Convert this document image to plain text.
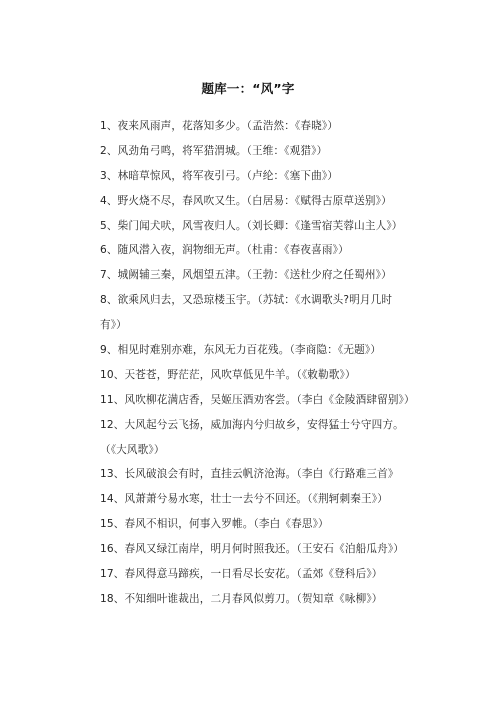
题库一：“风”字
1、夜来风雨声，花落知多少。（孟浩然：《春晓》）
2、风劲角弓鸣，将军猎渭城。（王维：《观猎》）
3、林暗草惊风，将军夜引弓。（卢纶：《塞下曲》）
4、野火烧不尽，春风吹又生。（白居易：《赋得古原草送别》）
5、柴门闻犬吠，风雪夜归人。（刘长卿：《逢雪宿芙蓉山主人》）
6、随风潜入夜，润物细无声。（杜甫：《春夜喜雨》）
7、城阙辅三秦，风烟望五津。（王勃：《送杜少府之任蜀州》）
8、欲乘风归去，又恐琼楼玉宇。（苏轼：《水调歌头?明月几时
有》）
9、相见时难别亦难，东风无力百花残。（李商隐：《无题》）
10、天苍苍，野茫茫，风吹草低见牛羊。（《敕勒歌》）
11、风吹柳花满店香，吴姬压酒劝客尝。（李白《金陵酒肆留别》）
12、大风起兮云飞扬，威加海内兮归故乡，安得猛士兮守四方。
（《大风歌》）
13、长风破浪会有时，直挂云帆济沧海。（李白《行路难三首》
14、风萧萧兮易水寒，壮士一去兮不回还。（《荆轲刺秦王》）
15、春风不相识，何事入罗帷。（李白《春思》）
16、春风又绿江南岸，明月何时照我还。（王安石《泊船瓜舟》）
17、春风得意马蹄疾，一日看尽长安花。（孟郊《登科后》）
18、不知细叶谁裁出，二月春风似剪刀。（贺知章《咏柳》）
